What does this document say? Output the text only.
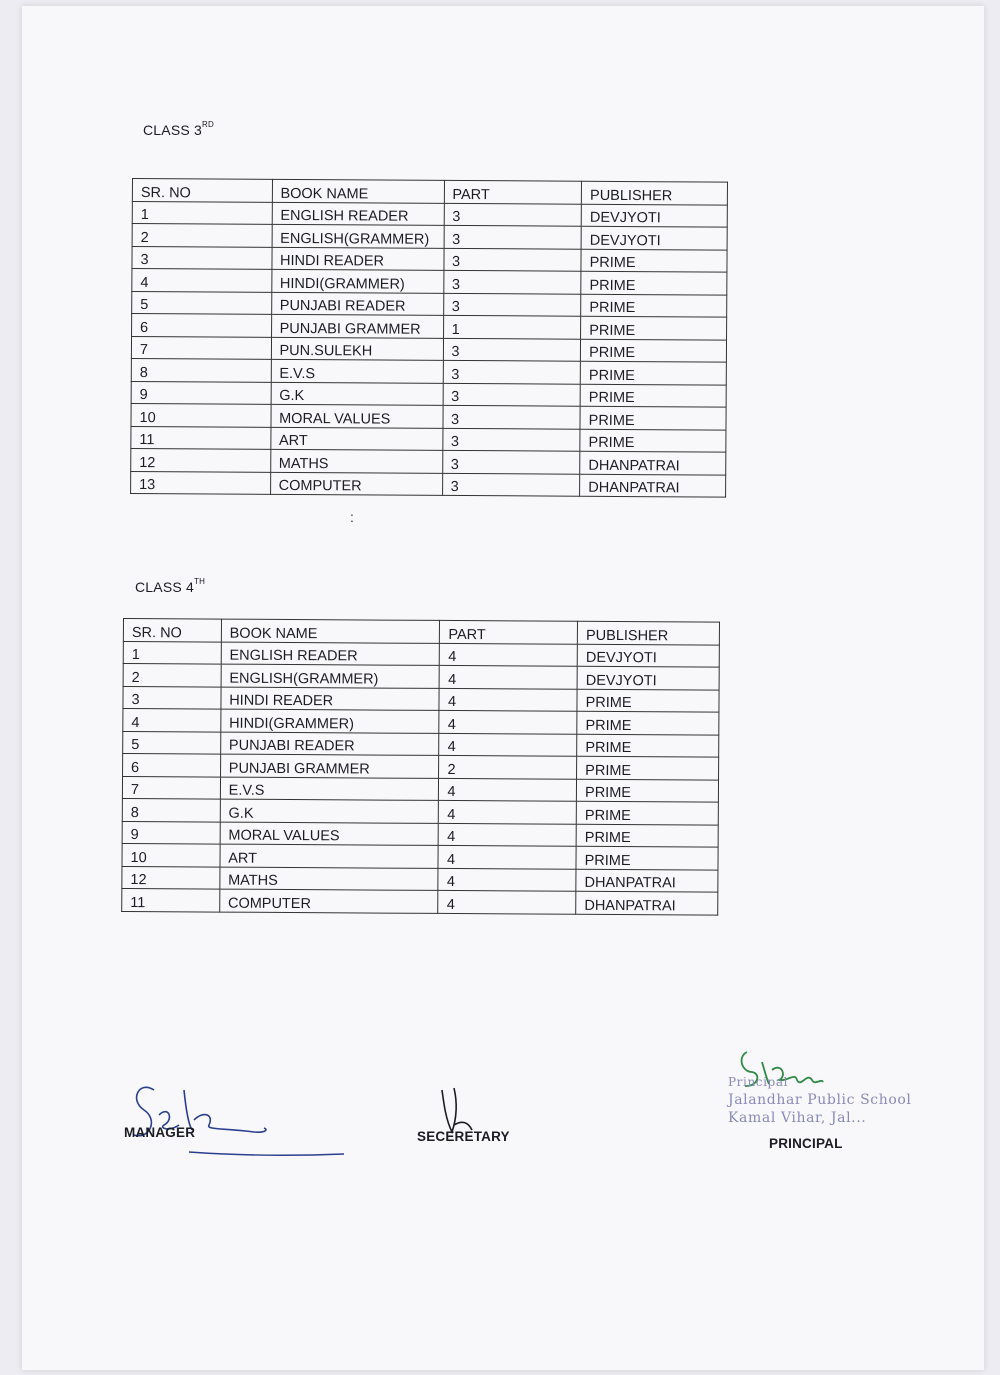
CLASS 3RD
SR. NO	BOOK NAME	PART	PUBLISHER
1	ENGLISH READER	3	DEVJYOTI
2	ENGLISH(GRAMMER)	3	DEVJYOTI
3	HINDI READER	3	PRIME
4	HINDI(GRAMMER)	3	PRIME
5	PUNJABI READER	3	PRIME
6	PUNJABI GRAMMER	1	PRIME
7	PUN.SULEKH	3	PRIME
8	E.V.S	3	PRIME
9	G.K	3	PRIME
10	MORAL VALUES	3	PRIME
11	ART	3	PRIME
12	MATHS	3	DHANPATRAI
13	COMPUTER	3	DHANPATRAI
:
CLASS 4TH
SR. NO	BOOK NAME	PART	PUBLISHER
1	ENGLISH READER	4	DEVJYOTI
2	ENGLISH(GRAMMER)	4	DEVJYOTI
3	HINDI READER	4	PRIME
4	HINDI(GRAMMER)	4	PRIME
5	PUNJABI READER	4	PRIME
6	PUNJABI GRAMMER	2	PRIME
7	E.V.S	4	PRIME
8	G.K	4	PRIME
9	MORAL VALUES	4	PRIME
10	ART	4	PRIME
12	MATHS	4	DHANPATRAI
11	COMPUTER	4	DHANPATRAI
MANAGER	SECERETARY
Principal
Jalandhar Public School
Kamal Vihar, Jal...
PRINCIPAL
